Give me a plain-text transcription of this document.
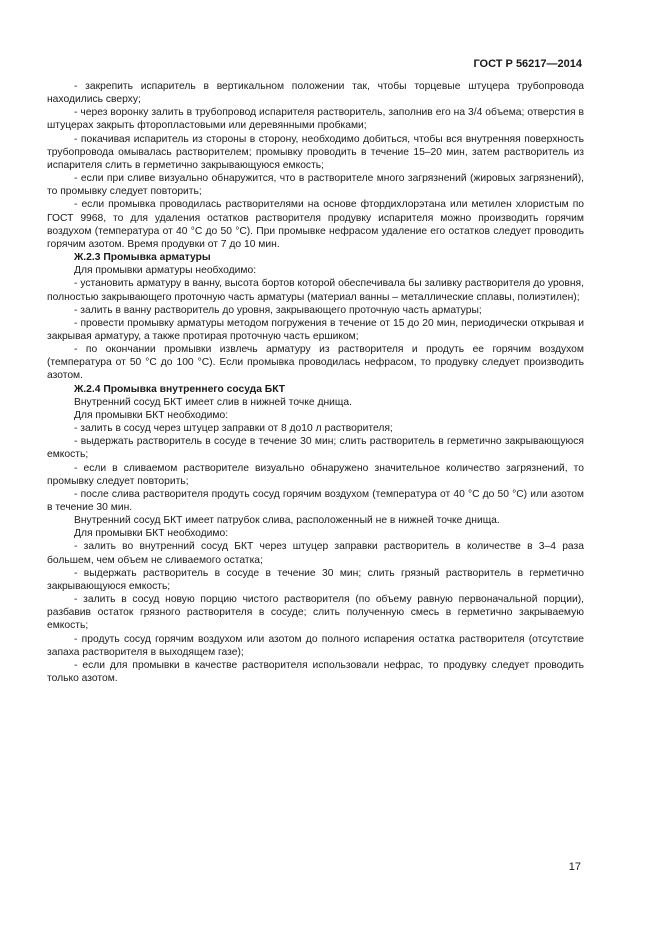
ГОСТ Р 56217—2014

- закрепить испаритель в вертикальном положении так, чтобы торцевые штуцера трубопровода находились сверху;

- через воронку залить в трубопровод испарителя растворитель, заполнив его на 3/4 объема; отверстия в штуцерах закрыть фторопластовыми или деревянными пробками;

- покачивая испаритель из стороны в сторону, необходимо добиться, чтобы вся внутренняя поверхность трубопровода омывалась растворителем; промывку проводить в течение 15–20 мин, затем растворитель из испарителя слить в герметично закрывающуюся емкость;

- если при сливе визуально обнаружится, что в растворителе много загрязнений (жировых загрязнений), то промывку следует повторить;

- если промывка проводилась растворителями на основе фтордихлорэтана или метилен хлористым по ГОСТ 9968, то для удаления остатков растворителя продувку испарителя можно производить горячим воздухом (температура от 40 °С до 50 °С). При промывке нефрасом удаление его остатков следует проводить горячим азотом. Время продувки от 7 до 10 мин.

Ж.2.3 Промывка арматуры

Для промывки арматуры необходимо:

- установить арматуру в ванну, высота бортов которой обеспечивала бы заливку растворителя до уровня, полностью закрывающего проточную часть арматуры (материал ванны – металлические сплавы, полиэтилен);

- залить в ванну растворитель до уровня, закрывающего проточную часть арматуры;

- провести промывку арматуры методом погружения в течение от 15 до 20 мин, периодически открывая и закрывая арматуру, а также протирая проточную часть ершиком;

- по окончании промывки извлечь арматуру из растворителя и продуть ее горячим воздухом (температура от 50 °С до 100 °С). Если промывка проводилась нефрасом, то продувку следует производить азотом.

Ж.2.4 Промывка внутреннего сосуда БКТ

Внутренний сосуд БКТ имеет слив в нижней точке днища.

Для промывки БКТ необходимо:

- залить в сосуд через штуцер заправки от 8 до10 л растворителя;

- выдержать растворитель в сосуде в течение 30 мин; слить растворитель в герметично закрывающуюся емкость;

- если в сливаемом растворителе визуально обнаружено значительное количество загрязнений, то промывку следует повторить;

- после слива растворителя продуть сосуд горячим воздухом (температура от 40 °С до 50 °С) или азотом в течение 30 мин.

Внутренний сосуд БКТ имеет патрубок слива, расположенный не в нижней точке днища.

Для промывки БКТ необходимо:

- залить во внутренний сосуд БКТ через штуцер заправки растворитель в количестве в 3–4 раза большем, чем объем не сливаемого остатка;

- выдержать растворитель в сосуде в течение 30 мин; слить грязный растворитель в герметично закрывающуюся емкость;

- залить в сосуд новую порцию чистого растворителя (по объему равную первоначальной порции), разбавив остаток грязного растворителя в сосуде; слить полученную смесь в герметично закрываемую емкость;

- продуть сосуд горячим воздухом или азотом до полного испарения остатка растворителя (отсутствие запаха растворителя в выходящем газе);

- если для промывки в качестве растворителя использовали нефрас, то продувку следует проводить только азотом.

17
